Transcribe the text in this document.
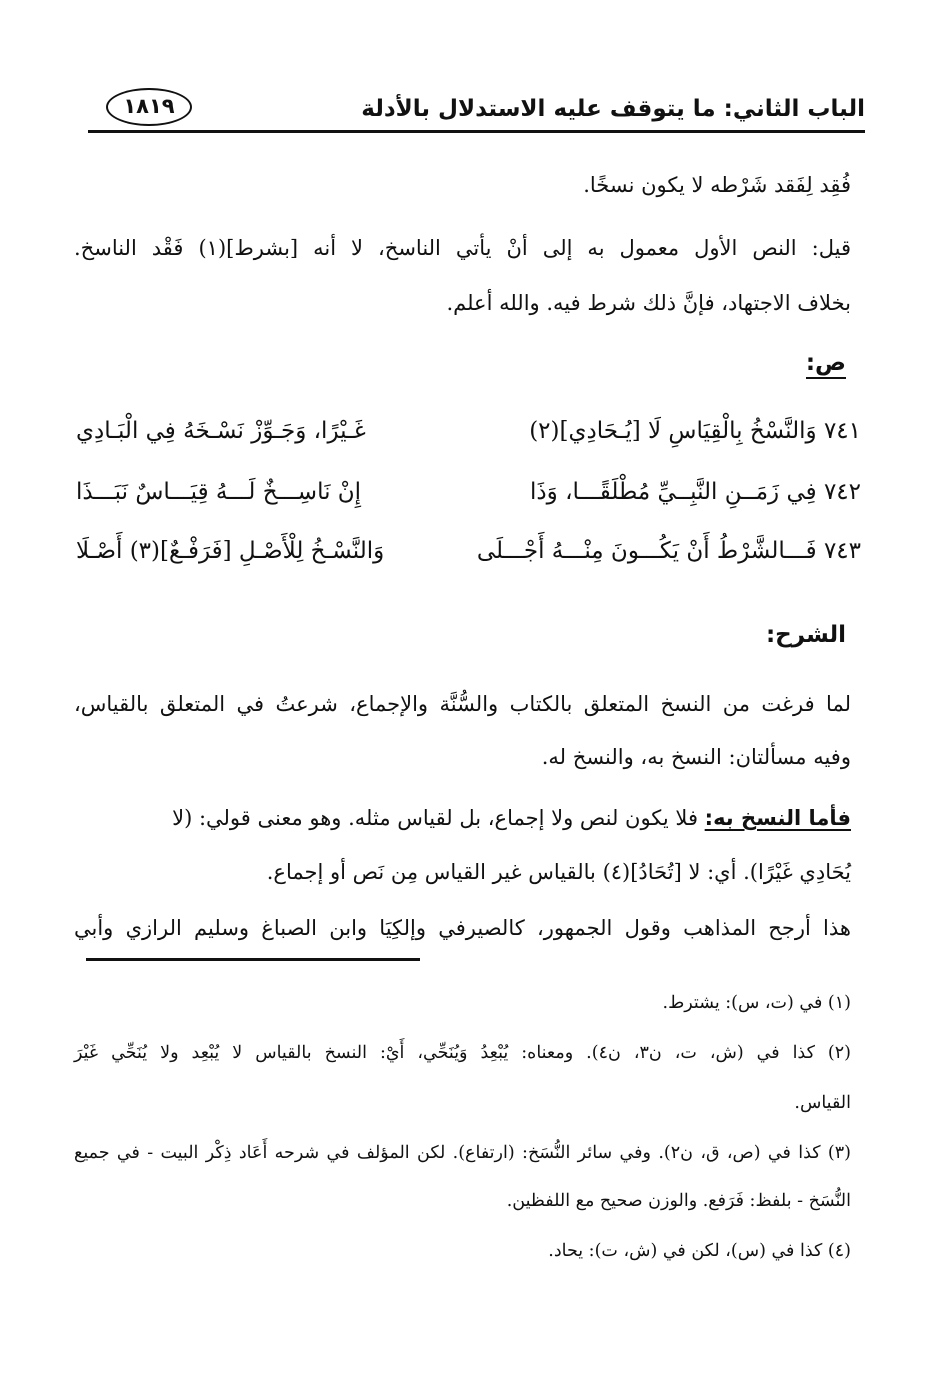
الباب الثاني: ما يتوقف عليه الاستدلال بالأدلة
١٨١٩
فُقِد لِفَقد شَرْطه لا يكون نسخًا.
قيل: النص الأول معمول به إلى أنْ يأتي الناسخ، لا أنه [بشرط](١) فَقْد الناسخ.
بخلاف الاجتهاد، فإنَّ ذلك شرط فيه. والله أعلم.
ص:
٧٤١ وَالنَّسْخُ بِالْقِيَاسِ لَا [يُـحَادِي](٢)
غَـيْرًا، وَجَـوِّزْ نَسْـخَهُ فِي الْبَـادِي
٧٤٢ فِي زَمَــنِ النَّبِــيِّ مُطْلَقًـــا، وَذَا
إِنْ نَاسِـــخٌ لَـــهُ قِيَـــاسٌ نَبَـــذَا
٧٤٣ فَـــالشَّرْطُ أَنْ يَكُـــونَ مِنْـــهُ أَجْـــلَى
وَالنَّسْـخُ لِلْأَصْـلِ [فَرَفْـعٌ](٣) أَصْـلَا
الشرح:
لما فرغت من النسخ المتعلق بالكتاب والسُّنَّة والإجماع، شرعتُ في المتعلق بالقياس،
وفيه مسألتان: النسخ به، والنسخ له.
فأما النسخ به: فلا يكون لنص ولا إجماع، بل لقياس مثله. وهو معنى قولي: (لا
يُحَادِي غَيْرًا). أي: لا [تُحَادُ](٤) بالقياس غير القياس مِن نَص أو إجماع.
هذا أرجح المذاهب وقول الجمهور، كالصيرفي وإلكِيَا وابن الصباغ وسليم الرازي وأبي
(١) في (ت، س): يشترط.
(٢) كذا في (ش، ت، ن٣، ن٤). ومعناه: يُبْعِدُ وَيُنَحِّي، أَيْ: النسخ بالقياس لا يُبْعِد ولا يُنَحِّي غَيْرَ
القياس.
(٣) كذا في (ص، ق، ن٢). وفي سائر النُّسَخ: (ارتفاع). لكن المؤلف في شرحه أَعَاد ذِكْر البيت - في جميع
النُّسَخ - بلفظ: فَرَفع. والوزن صحيح مع اللفظين.
(٤) كذا في (س)، لكن في (ش، ت): يحاد.
